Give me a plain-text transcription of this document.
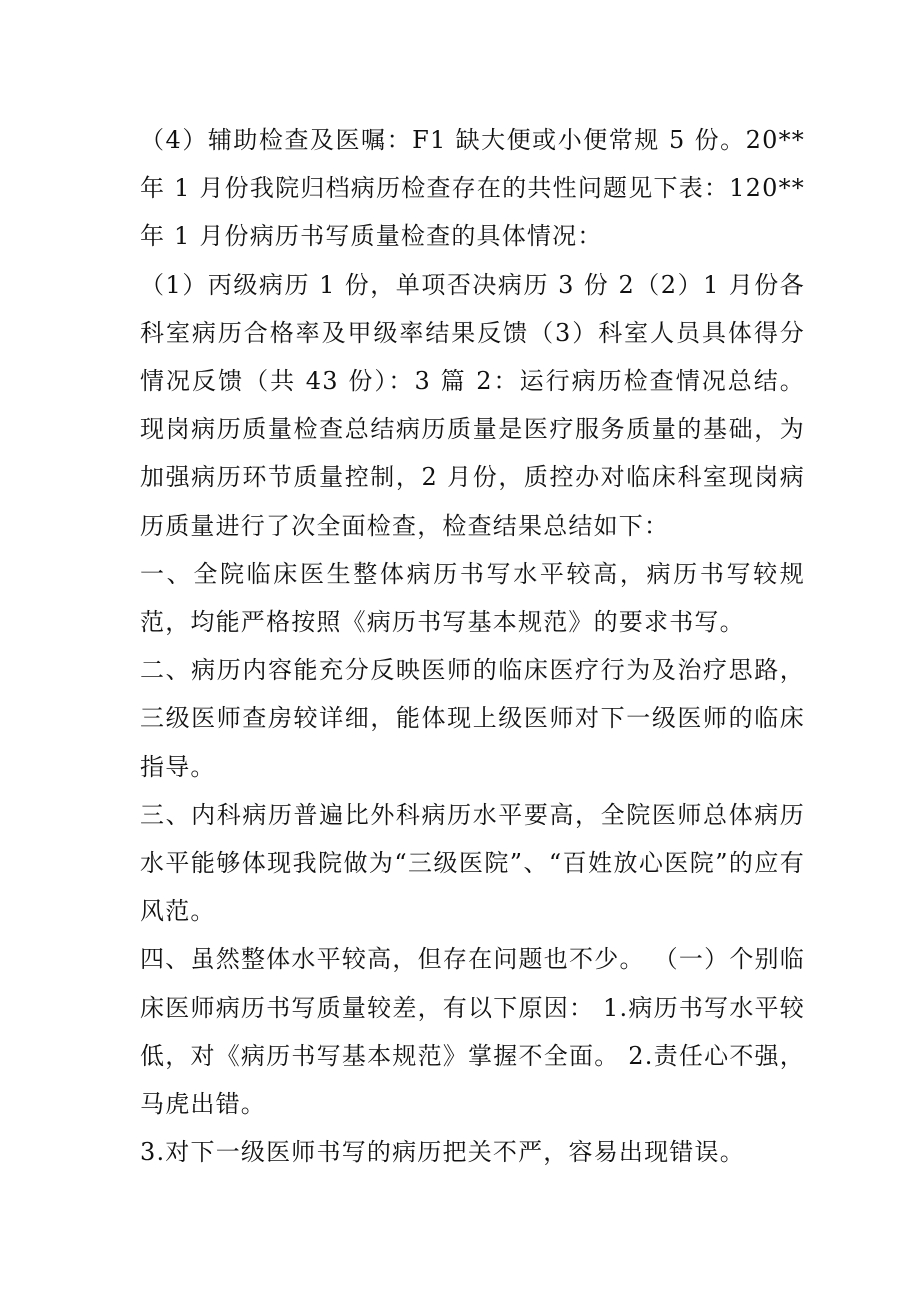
（4）辅助检查及医嘱：F1 缺大便或小便常规 5 份。20**年 1 月份我院归档病历检查存在的共性问题见下表：120**年 1 月份病历书写质量检查的具体情况：

（1）丙级病历 1 份，单项否决病历 3 份 2（2）1 月份各科室病历合格率及甲级率结果反馈（3）科室人员具体得分情况反馈（共 43 份）：3 篇 2：运行病历检查情况总结。 现岗病历质量检查总结病历质量是医疗服务质量的基础，为加强病历环节质量控制，2 月份，质控办对临床科室现岗病历质量进行了次全面检查，检查结果总结如下：

一、全院临床医生整体病历书写水平较高，病历书写较规范，均能严格按照《病历书写基本规范》的要求书写。

二、病历内容能充分反映医师的临床医疗行为及治疗思路，三级医师查房较详细，能体现上级医师对下一级医师的临床指导。

三、内科病历普遍比外科病历水平要高，全院医师总体病历水平能够体现我院做为“三级医院”、“百姓放心医院”的应有风范。

四、虽然整体水平较高，但存在问题也不少。 （一）个别临床医师病历书写质量较差，有以下原因： 1.病历书写水平较低，对《病历书写基本规范》掌握不全面。 2.责任心不强，马虎出错。

3.对下一级医师书写的病历把关不严，容易出现错误。
